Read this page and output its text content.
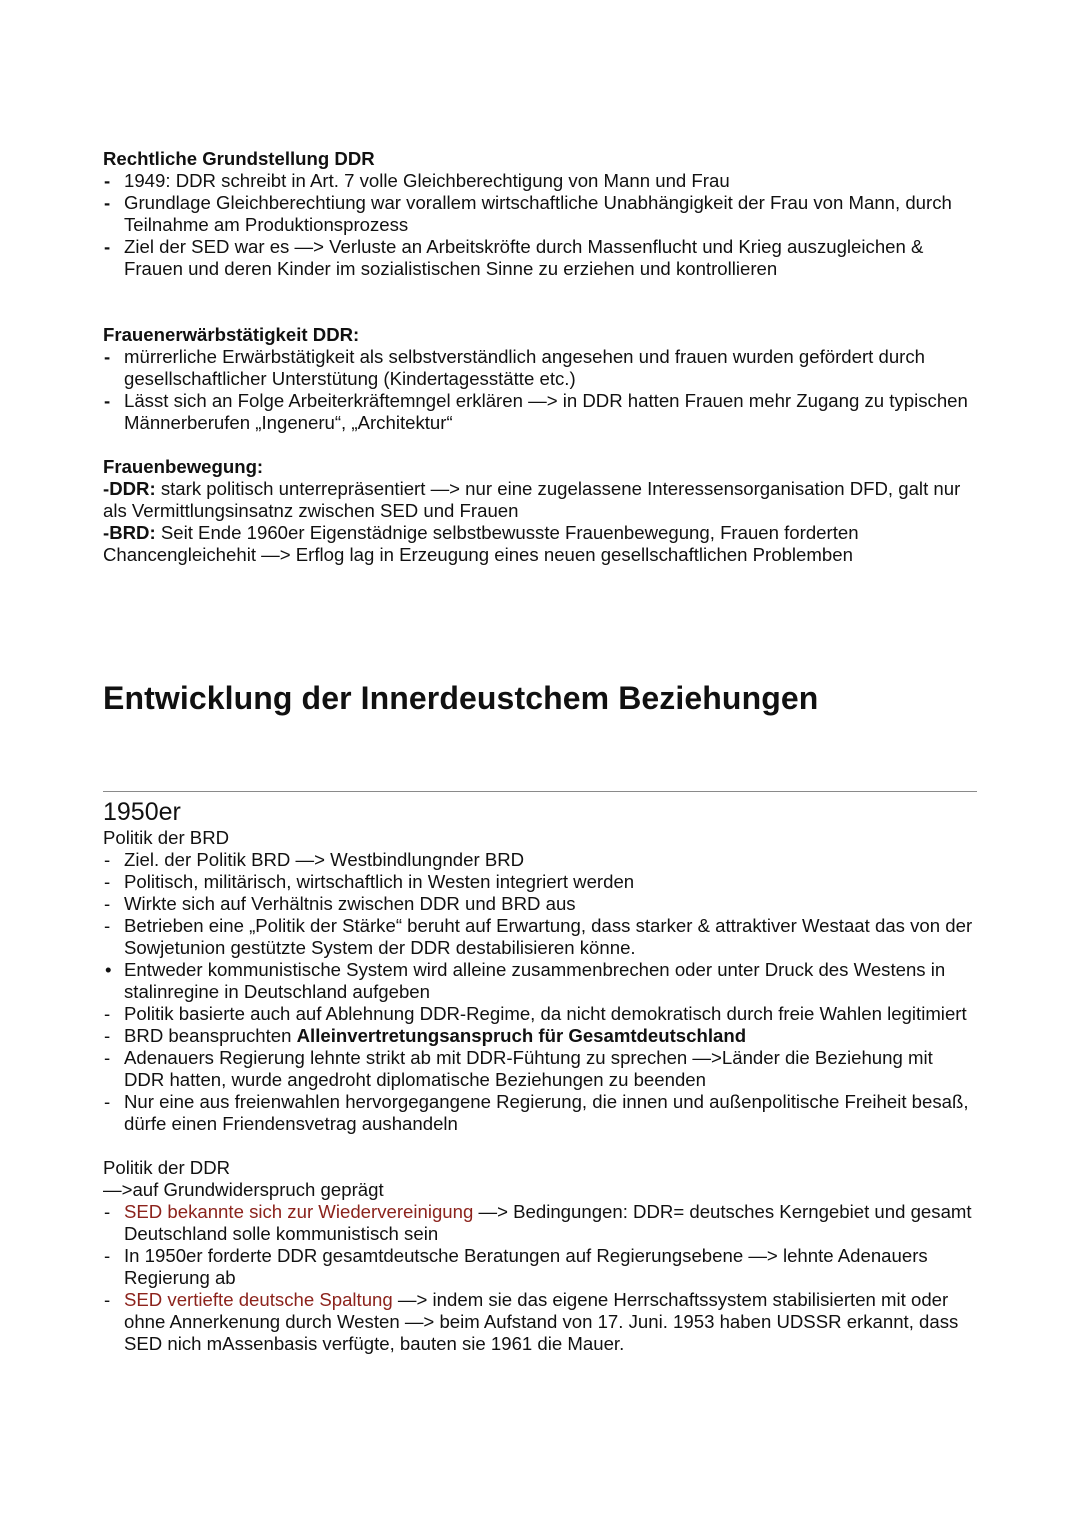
Rechtliche Grundstellung DDR

- 1949: DDR schreibt in Art. 7 volle Gleichberechtigung von Mann und Frau
- Grundlage Gleichberechtiung war vorallem wirtschaftliche Unabhängigkeit der Frau von Mann, durch Teilnahme am Produktionsprozess
- Ziel der SED war es —> Verluste an Arbeitskröfte durch Massenflucht und Krieg auszugleichen & Frauen und deren Kinder im sozialistischen Sinne zu erziehen und kontrollieren

Frauenerwärbstätigkeit DDR:

- mürrerliche Erwärbstätigkeit als selbstverständlich angesehen und frauen wurden gefördert durch gesellschaftlicher Unterstütung (Kindertagesstätte etc.)
- Lässt sich an Folge Arbeiterkräftemngel erklären —> in DDR hatten Frauen mehr Zugang zu typischen Männerberufen „Ingeneru“, „Architektur“

Frauenbewegung:

-DDR: stark politisch unterrepräsentiert —> nur eine zugelassene Interessensorganisation DFD, galt nur als Vermittlungsinsatnz zwischen SED und Frauen

-BRD: Seit Ende 1960er Eigenstädnige selbstbewusste Frauenbewegung, Frauen forderten Chancengleichehit —> Erflog lag in Erzeugung eines neuen gesellschaftlichen Problemben

Entwicklung der Innerdeustchem Beziehungen

1950er

Politik der BRD

- Ziel. der Politik BRD —> Westbindlungnder BRD
- Politisch, militärisch, wirtschaftlich in Westen integriert werden
- Wirkte sich auf Verhältnis zwischen DDR und BRD aus
- Betrieben eine „Politik der Stärke“ beruht auf Erwartung, dass starker & attraktiver Westaat das von der Sowjetunion gestützte System der DDR destabilisieren könne.
• Entweder kommunistische System wird alleine zusammenbrechen oder unter Druck des Westens in stalinregine in Deutschland aufgeben
- Politik basierte auch auf Ablehnung DDR-Regime, da nicht demokratisch durch freie Wahlen legitimiert
- BRD beanspruchten Alleinvertretungsanspruch für Gesamtdeutschland
- Adenauers Regierung lehnte strikt ab mit DDR-Fühtung zu sprechen —>Länder die Beziehung mit DDR hatten, wurde angedroht diplomatische Beziehungen zu beenden
- Nur eine aus freienwahlen hervorgegangene Regierung, die innen und außenpolitische Freiheit besaß, dürfe einen Friendensvetrag aushandeln

Politik der DDR

—>auf Grundwiderspruch geprägt

- SED bekannte sich zur Wiedervereinigung —> Bedingungen: DDR= deutsches Kerngebiet und gesamt Deutschland solle kommunistisch sein
- In 1950er forderte DDR gesamtdeutsche Beratungen auf Regierungsebene —> lehnte Adenauers Regierung ab
- SED vertiefte deutsche Spaltung —> indem sie das eigene Herrschaftssystem stabilisierten mit oder ohne Annerkenung durch Westen —> beim Aufstand von 17. Juni. 1953 haben UDSSR erkannt, dass SED nich mAssenbasis verfügte, bauten sie 1961 die Mauer.
